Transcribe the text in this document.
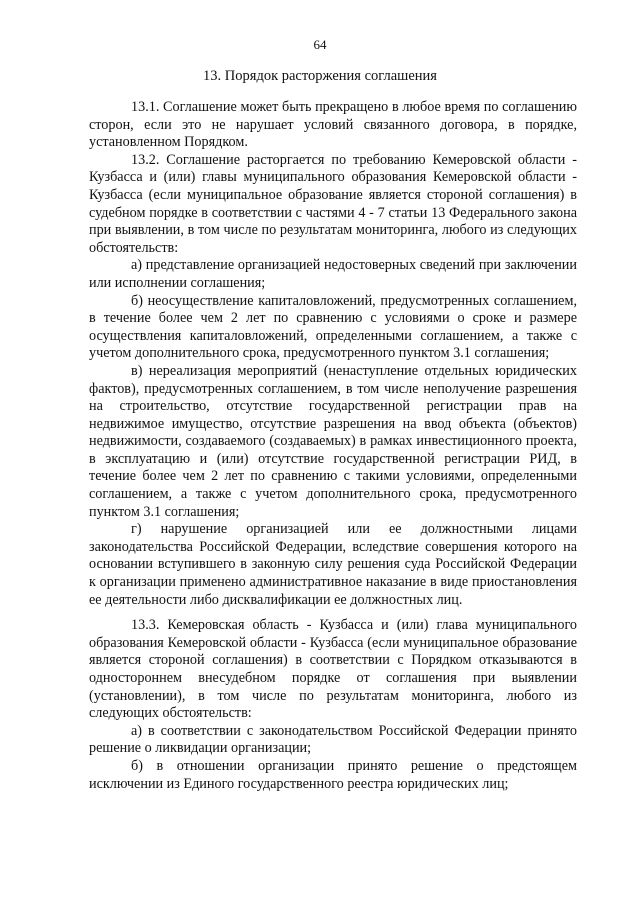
64
13. Порядок расторжения соглашения

13.1. Соглашение может быть прекращено в любое время по соглашению сторон, если это не нарушает условий связанного договора, в порядке, установленном Порядком.

13.2. Соглашение расторгается по требованию Кемеровской области - Кузбасса и (или) главы муниципального образования Кемеровской области - Кузбасса (если муниципальное образование является стороной соглашения) в судебном порядке в соответствии с частями 4 - 7 статьи 13 Федерального закона при выявлении, в том числе по результатам мониторинга, любого из следующих обстоятельств:

а) представление организацией недостоверных сведений при заключении или исполнении соглашения;

б) неосуществление капиталовложений, предусмотренных соглашением, в течение более чем 2 лет по сравнению с условиями о сроке и размере осуществления капиталовложений, определенными соглашением, а также с учетом дополнительного срока, предусмотренного пунктом 3.1 соглашения;

в) нереализация мероприятий (ненаступление отдельных юридических фактов), предусмотренных соглашением, в том числе неполучение разрешения на строительство, отсутствие государственной регистрации прав на недвижимое имущество, отсутствие разрешения на ввод объекта (объектов) недвижимости, создаваемого (создаваемых) в рамках инвестиционного проекта, в эксплуатацию и (или) отсутствие государственной регистрации РИД, в течение более чем 2 лет по сравнению с такими условиями, определенными соглашением, а также с учетом дополнительного срока, предусмотренного пунктом 3.1 соглашения;

г) нарушение организацией или ее должностными лицами законодательства Российской Федерации, вследствие совершения которого на основании вступившего в законную силу решения суда Российской Федерации к организации применено административное наказание в виде приостановления ее деятельности либо дисквалификации ее должностных лиц.

13.3. Кемеровская область - Кузбасса и (или) глава муниципального образования Кемеровской области - Кузбасса (если муниципальное образование является стороной соглашения) в соответствии с Порядком отказываются в одностороннем внесудебном порядке от соглашения при выявлении (установлении), в том числе по результатам мониторинга, любого из следующих обстоятельств:

а) в соответствии с законодательством Российской Федерации принято решение о ликвидации организации;

б) в отношении организации принято решение о предстоящем исключении из Единого государственного реестра юридических лиц;
